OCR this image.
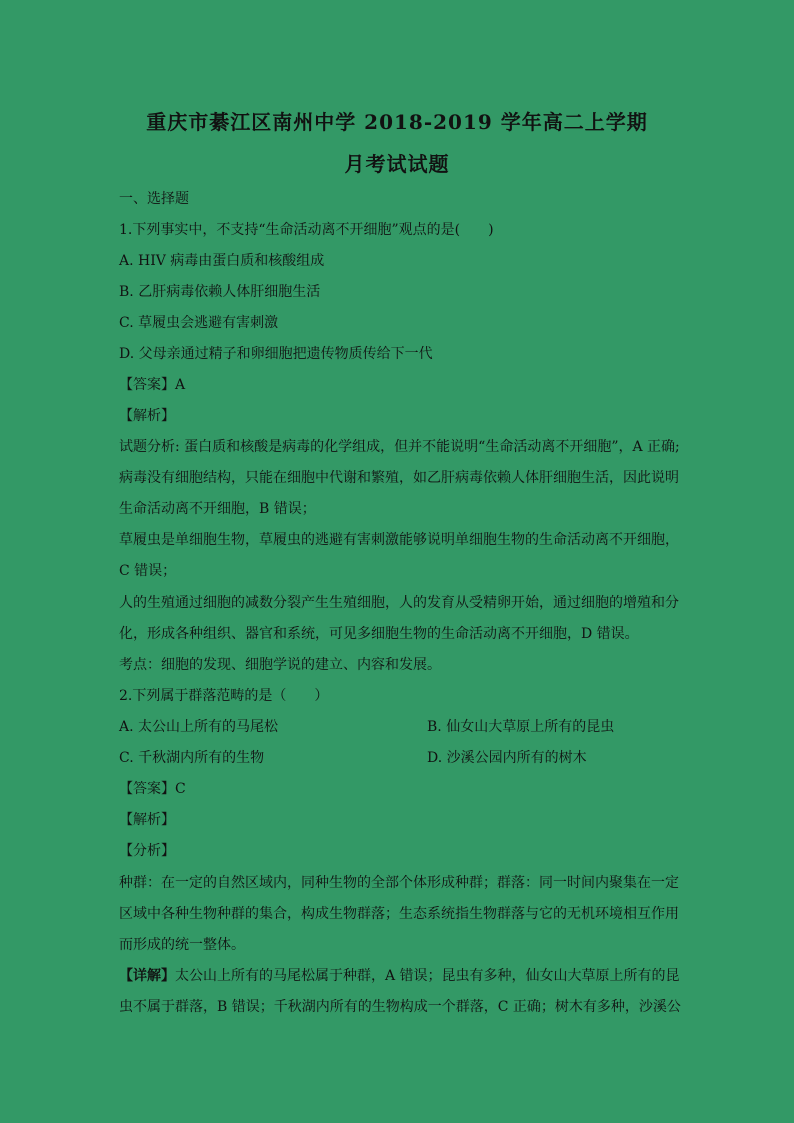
重庆市綦江区南州中学 2018-2019 学年高二上学期
月考试试题
一、选择题
1.下列事实中，不支持“生命活动离不开细胞”观点的是(　　)
A. HIV 病毒由蛋白质和核酸组成
B. 乙肝病毒依赖人体肝细胞生活
C. 草履虫会逃避有害刺激
D. 父母亲通过精子和卵细胞把遗传物质传给下一代
【答案】A
【解析】
试题分析: 蛋白质和核酸是病毒的化学组成，但并不能说明“生命活动离不开细胞”，A 正确;
病毒没有细胞结构，只能在细胞中代谢和繁殖，如乙肝病毒依赖人体肝细胞生活，因此说明
生命活动离不开细胞，B 错误；
草履虫是单细胞生物，草履虫的逃避有害刺激能够说明单细胞生物的生命活动离不开细胞，
C 错误；
人的生殖通过细胞的减数分裂产生生殖细胞，人的发育从受精卵开始，通过细胞的增殖和分
化，形成各种组织、器官和系统，可见多细胞生物的生命活动离不开细胞，D 错误。
考点：细胞的发现、细胞学说的建立、内容和发展。
2.下列属于群落范畴的是（　　）
A. 太公山上所有的马尾松	B. 仙女山大草原上所有的昆虫
C. 千秋湖内所有的生物	D. 沙溪公园内所有的树木
【答案】C
【解析】
【分析】
种群：在一定的自然区域内，同种生物的全部个体形成种群；群落：同一时间内聚集在一定
区域中各种生物种群的集合，构成生物群落；生态系统指生物群落与它的无机环境相互作用
而形成的统一整体。
【详解】太公山上所有的马尾松属于种群，A 错误；昆虫有多种，仙女山大草原上所有的昆
虫不属于群落，B 错误；千秋湖内所有的生物构成一个群落，C 正确；树木有多种，沙溪公
